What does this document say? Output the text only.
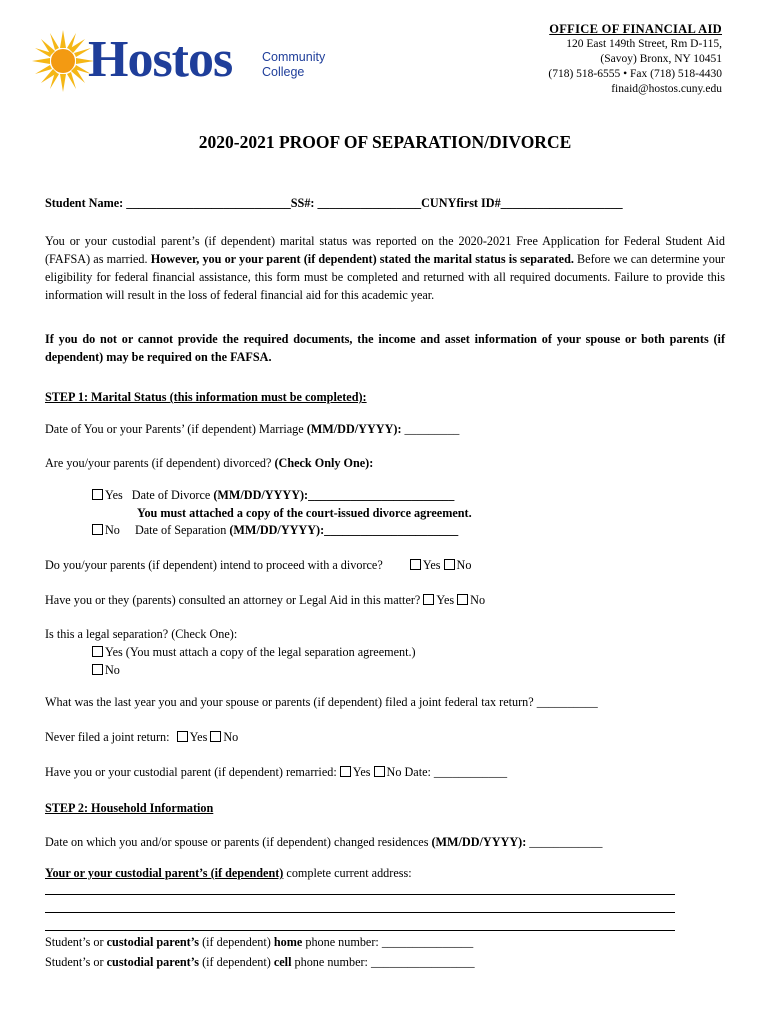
Hostos Community
College
OFFICE OF FINANCIAL AID
120 East 149th Street, Rm D-115,
(Savoy) Bronx, NY 10451
(718) 518-6555 • Fax (718) 518-4430
finaid@hostos.cuny.edu
2020-2021 PROOF OF SEPARATION/DIVORCE
Student Name: ___________________________SS#: _________________CUNYfirst ID#____________________
You or your custodial parent’s (if dependent) marital status was reported on the 2020-2021 Free Application for Federal Student Aid (FAFSA) as married. However, you or your parent (if dependent) stated the marital status is separated. Before we can determine your eligibility for federal financial assistance, this form must be completed and returned with all required documents. Failure to provide this information will result in the loss of federal financial aid for this academic year.
If you do not or cannot provide the required documents, the income and asset information of your spouse or both parents (if dependent) may be required on the FAFSA.
STEP 1: Marital Status (this information must be completed):
Date of You or your Parents’ (if dependent) Marriage (MM/DD/YYYY): _________
Are you/your parents (if dependent) divorced? (Check Only One):
Yes Date of Divorce (MM/DD/YYYY):________________________
You must attached a copy of the court-issued divorce agreement.
No Date of Separation (MM/DD/YYYY):______________________
Do you/your parents (if dependent) intend to proceed with a divorce?	Yes No
Have you or they (parents) consulted an attorney or Legal Aid in this matter? Yes No
Is this a legal separation? (Check One):
Yes (You must attach a copy of the legal separation agreement.)
No
What was the last year you and your spouse or parents (if dependent) filed a joint federal tax return? __________
Never filed a joint return: Yes No
Have you or your custodial parent (if dependent) remarried: Yes No Date: ____________
STEP 2: Household Information
Date on which you and/or spouse or parents (if dependent) changed residences (MM/DD/YYYY): ____________
Your or your custodial parent’s (if dependent) complete current address:
Student’s or custodial parent’s (if dependent) home phone number: _______________
Student’s or custodial parent’s (if dependent) cell phone number: _________________
